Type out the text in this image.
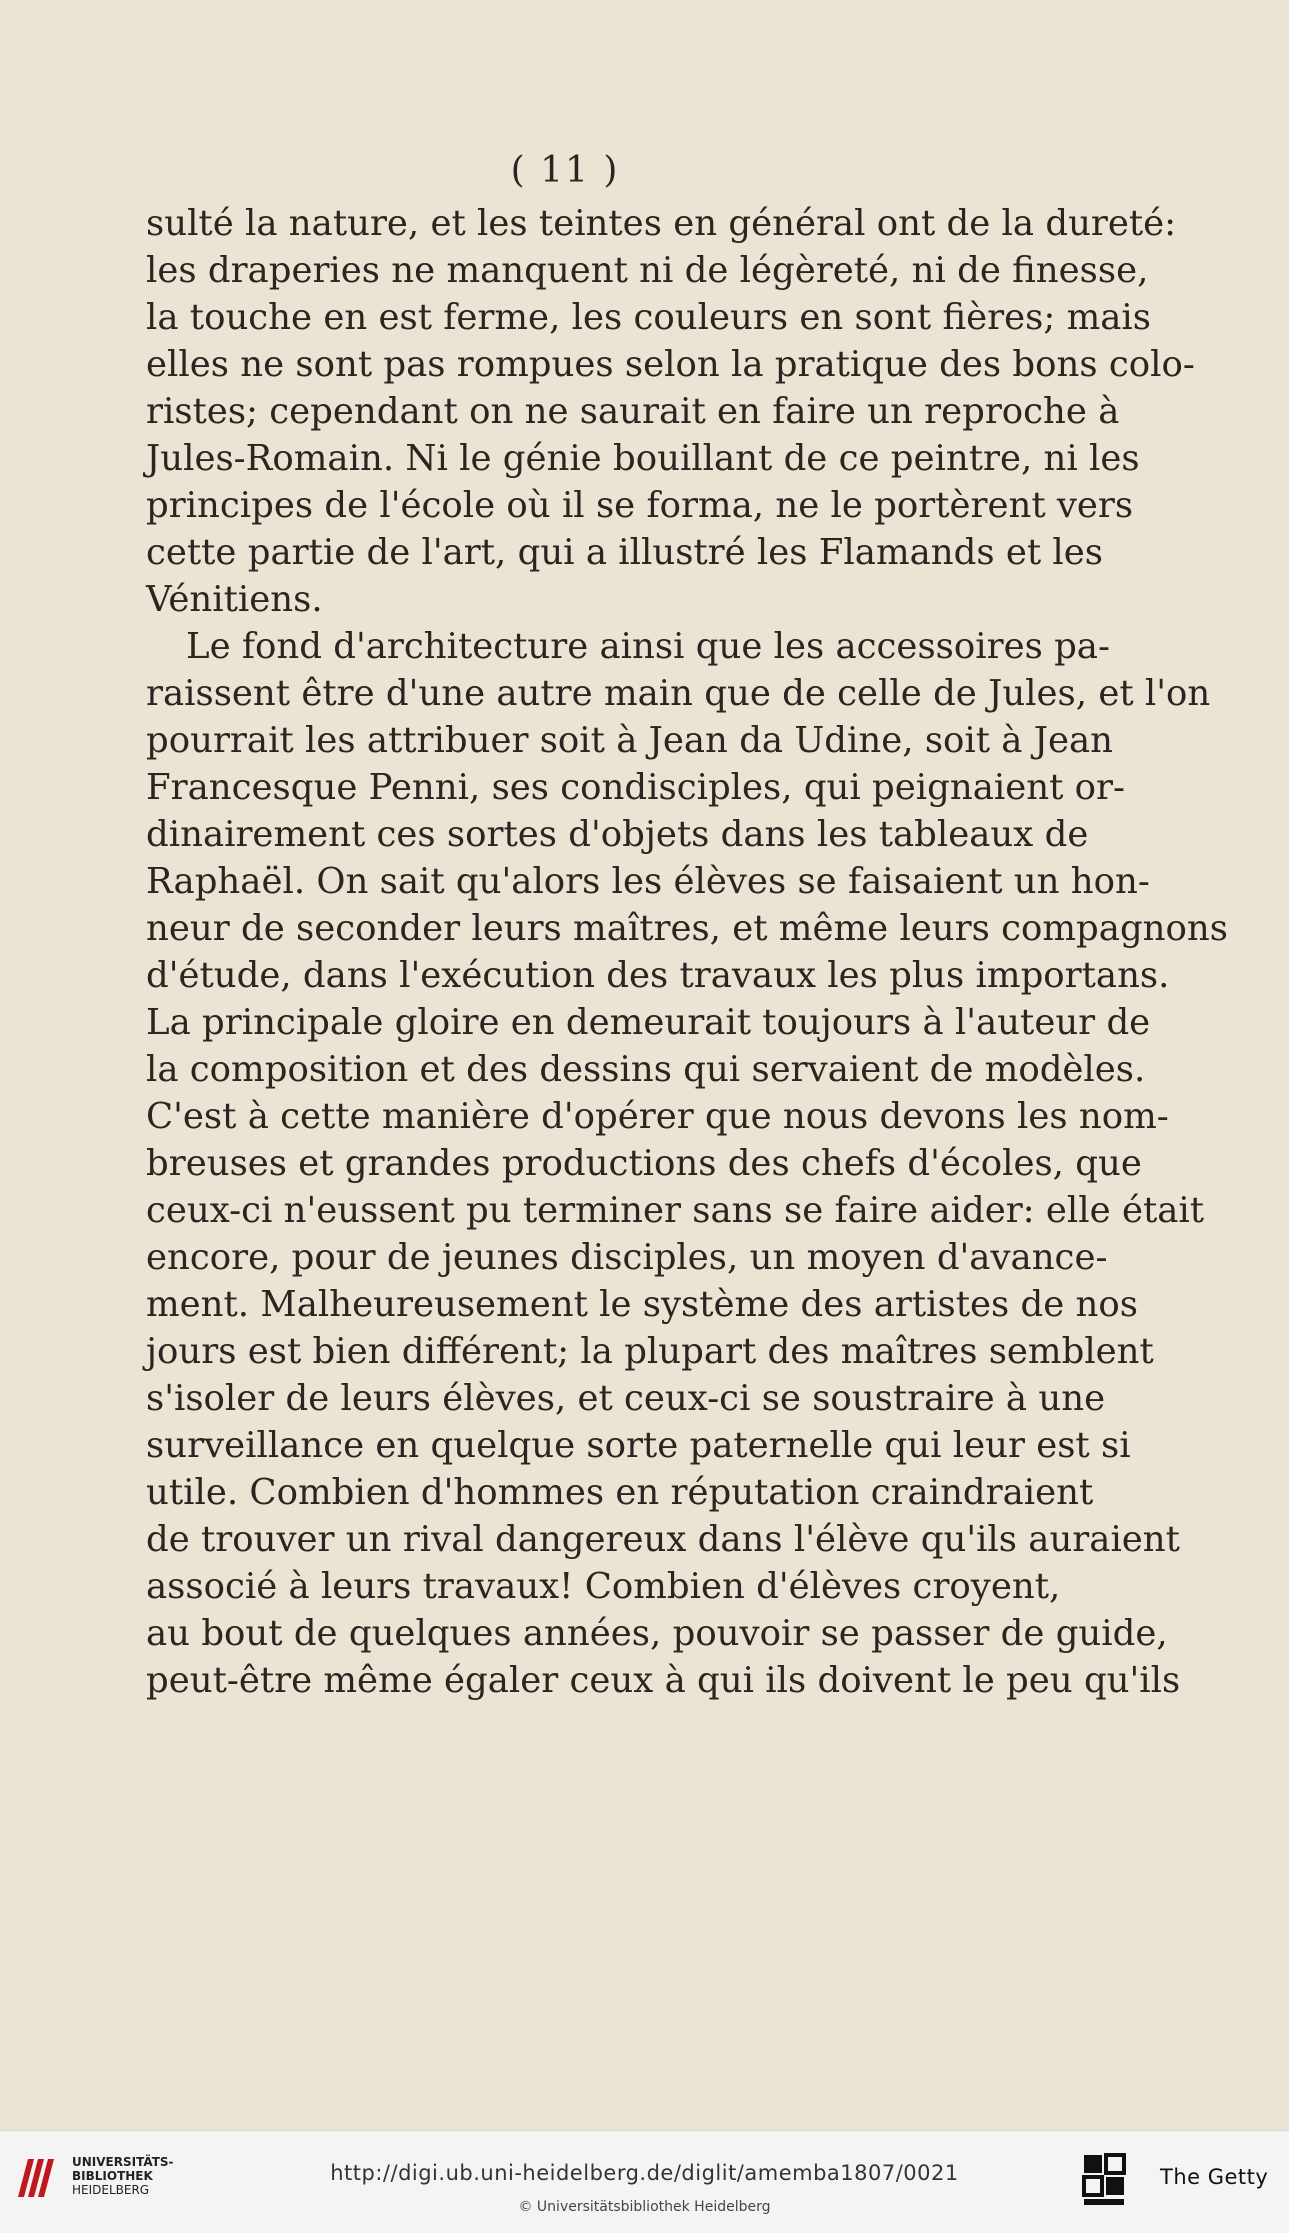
( 11 )
sulté la nature, et les teintes en général ont de la dureté:
les draperies ne manquent ni de légèreté, ni de finesse,
la touche en est ferme, les couleurs en sont fières; mais
elles ne sont pas rompues selon la pratique des bons colo-
ristes; cependant on ne saurait en faire un reproche à
Jules-Romain. Ni le génie bouillant de ce peintre, ni les
principes de l'école où il se forma, ne le portèrent vers
cette partie de l'art, qui a illustré les Flamands et les
Vénitiens.
Le fond d'architecture ainsi que les accessoires pa-
raissent être d'une autre main que de celle de Jules, et l'on
pourrait les attribuer soit à Jean da Udine, soit à Jean
Francesque Penni, ses condisciples, qui peignaient or-
dinairement ces sortes d'objets dans les tableaux de
Raphaël. On sait qu'alors les élèves se faisaient un hon-
neur de seconder leurs maîtres, et même leurs compagnons
d'étude, dans l'exécution des travaux les plus importans.
La principale gloire en demeurait toujours à l'auteur de
la composition et des dessins qui servaient de modèles.
C'est à cette manière d'opérer que nous devons les nom-
breuses et grandes productions des chefs d'écoles, que
ceux-ci n'eussent pu terminer sans se faire aider: elle était
encore, pour de jeunes disciples, un moyen d'avance-
ment. Malheureusement le système des artistes de nos
jours est bien différent; la plupart des maîtres semblent
s'isoler de leurs élèves, et ceux-ci se soustraire à une
surveillance en quelque sorte paternelle qui leur est si
utile. Combien d'hommes en réputation craindraient
de trouver un rival dangereux dans l'élève qu'ils auraient
associé à leurs travaux! Combien d'élèves croyent,
au bout de quelques années, pouvoir se passer de guide,
peut-être même égaler ceux à qui ils doivent le peu qu'ils
UNIVERSITÄTS-
BIBLIOTHEK
HEIDELBERG
http://digi.ub.uni-heidelberg.de/diglit/amemba1807/0021
© Universitätsbibliothek Heidelberg
The Getty
